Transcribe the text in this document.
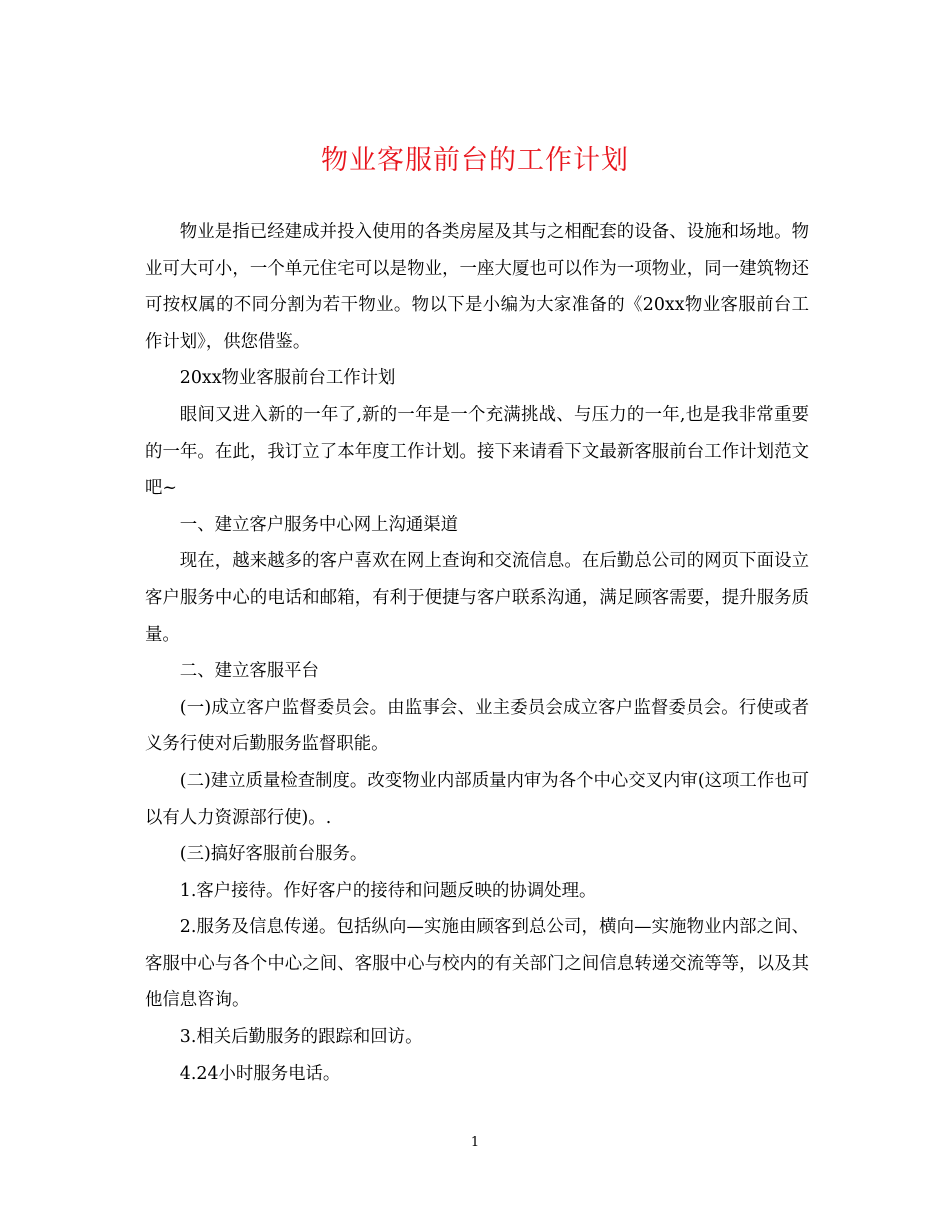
物业客服前台的工作计划

物业是指已经建成并投入使用的各类房屋及其与之相配套的设备、设施和场地。物业可大可小，一个单元住宅可以是物业，一座大厦也可以作为一项物业，同一建筑物还可按权属的不同分割为若干物业。物以下是小编为大家准备的《20xx物业客服前台工作计划》，供您借鉴。

20xx物业客服前台工作计划

眼间又进入新的一年了,新的一年是一个充满挑战、与压力的一年,也是我非常重要的一年。在此，我订立了本年度工作计划。接下来请看下文最新客服前台工作计划范文吧~

一、建立客户服务中心网上沟通渠道

现在，越来越多的客户喜欢在网上查询和交流信息。在后勤总公司的网页下面设立客户服务中心的电话和邮箱，有利于便捷与客户联系沟通，满足顾客需要，提升服务质量。

二、建立客服平台

(一)成立客户监督委员会。由监事会、业主委员会成立客户监督委员会。行使或者义务行使对后勤服务监督职能。

(二)建立质量检查制度。改变物业内部质量内审为各个中心交叉内审(这项工作也可以有人力资源部行使)。.

(三)搞好客服前台服务。

1.客户接待。作好客户的接待和问题反映的协调处理。

2.服务及信息传递。包括纵向—实施由顾客到总公司，横向—实施物业内部之间、客服中心与各个中心之间、客服中心与校内的有关部门之间信息转递交流等等，以及其他信息咨询。

3.相关后勤服务的跟踪和回访。

4.24小时服务电话。

1
